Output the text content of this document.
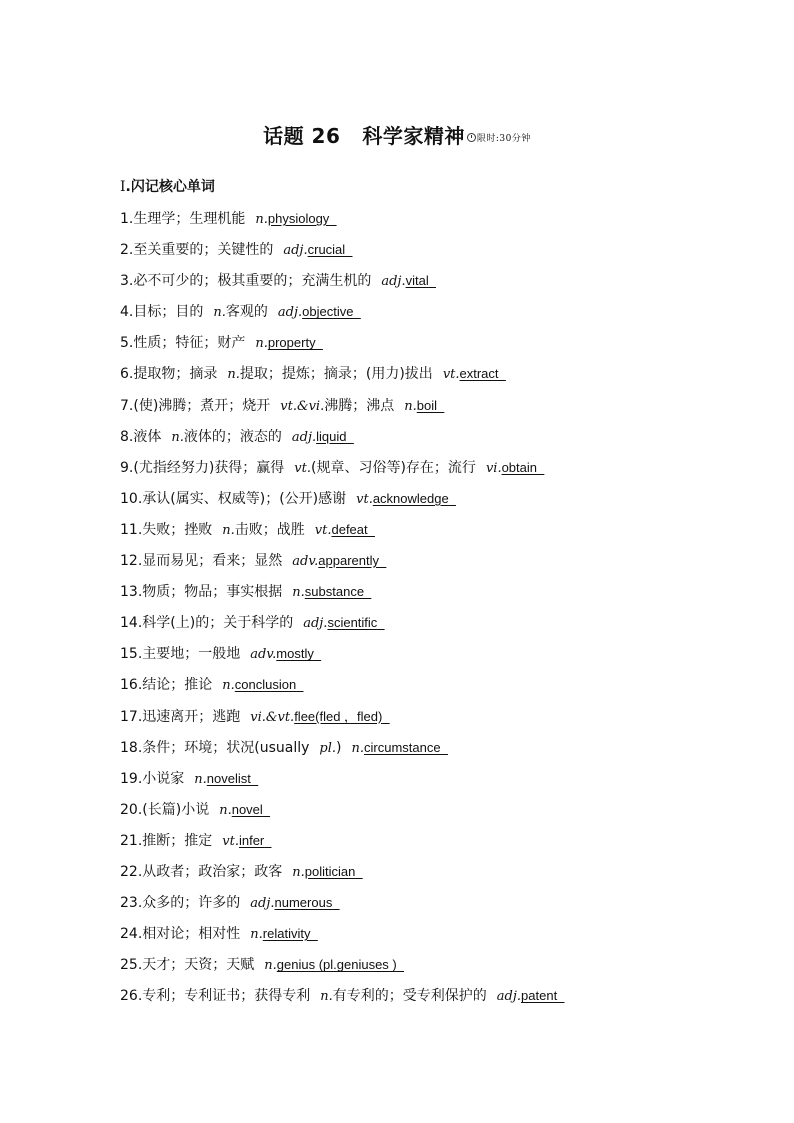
话题 26 科学家精神 限时:30分钟
Ⅰ.闪记核心单词
1.生理学；生理机能 n.physiology
2.至关重要的；关键性的 adj.crucial
3.必不可少的；极其重要的；充满生机的 adj.vital
4.目标；目的 n.客观的 adj.objective
5.性质；特征；财产 n.property
6.提取物；摘录 n.提取；提炼；摘录；(用力)拔出 vt.extract
7.(使)沸腾；煮开；烧开 vt.&vi.沸腾；沸点 n.boil
8.液体 n.液体的；液态的 adj.liquid
9.(尤指经努力)获得；赢得 vt.(规章、习俗等)存在；流行 vi.obtain
10.承认(属实、权威等)；(公开)感谢 vt.acknowledge
11.失败；挫败 n.击败；战胜 vt.defeat
12.显而易见；看来；显然 adv.apparently
13.物质；物品；事实根据 n.substance
14.科学(上)的；关于科学的 adj.scientific
15.主要地；一般地 adv.mostly
16.结论；推论 n.conclusion
17.迅速离开；逃跑 vi.&vt.flee(fled ，fled)
18.条件；环境；状况(usually pl.) n.circumstance
19.小说家 n.novelist
20.(长篇)小说 n.novel
21.推断；推定 vt.infer
22.从政者；政治家；政客 n.politician
23.众多的；许多的 adj.numerous
24.相对论；相对性 n.relativity
25.天才；天资；天赋 n.genius (pl.geniuses )
26.专利；专利证书；获得专利 n.有专利的；受专利保护的 adj.patent
